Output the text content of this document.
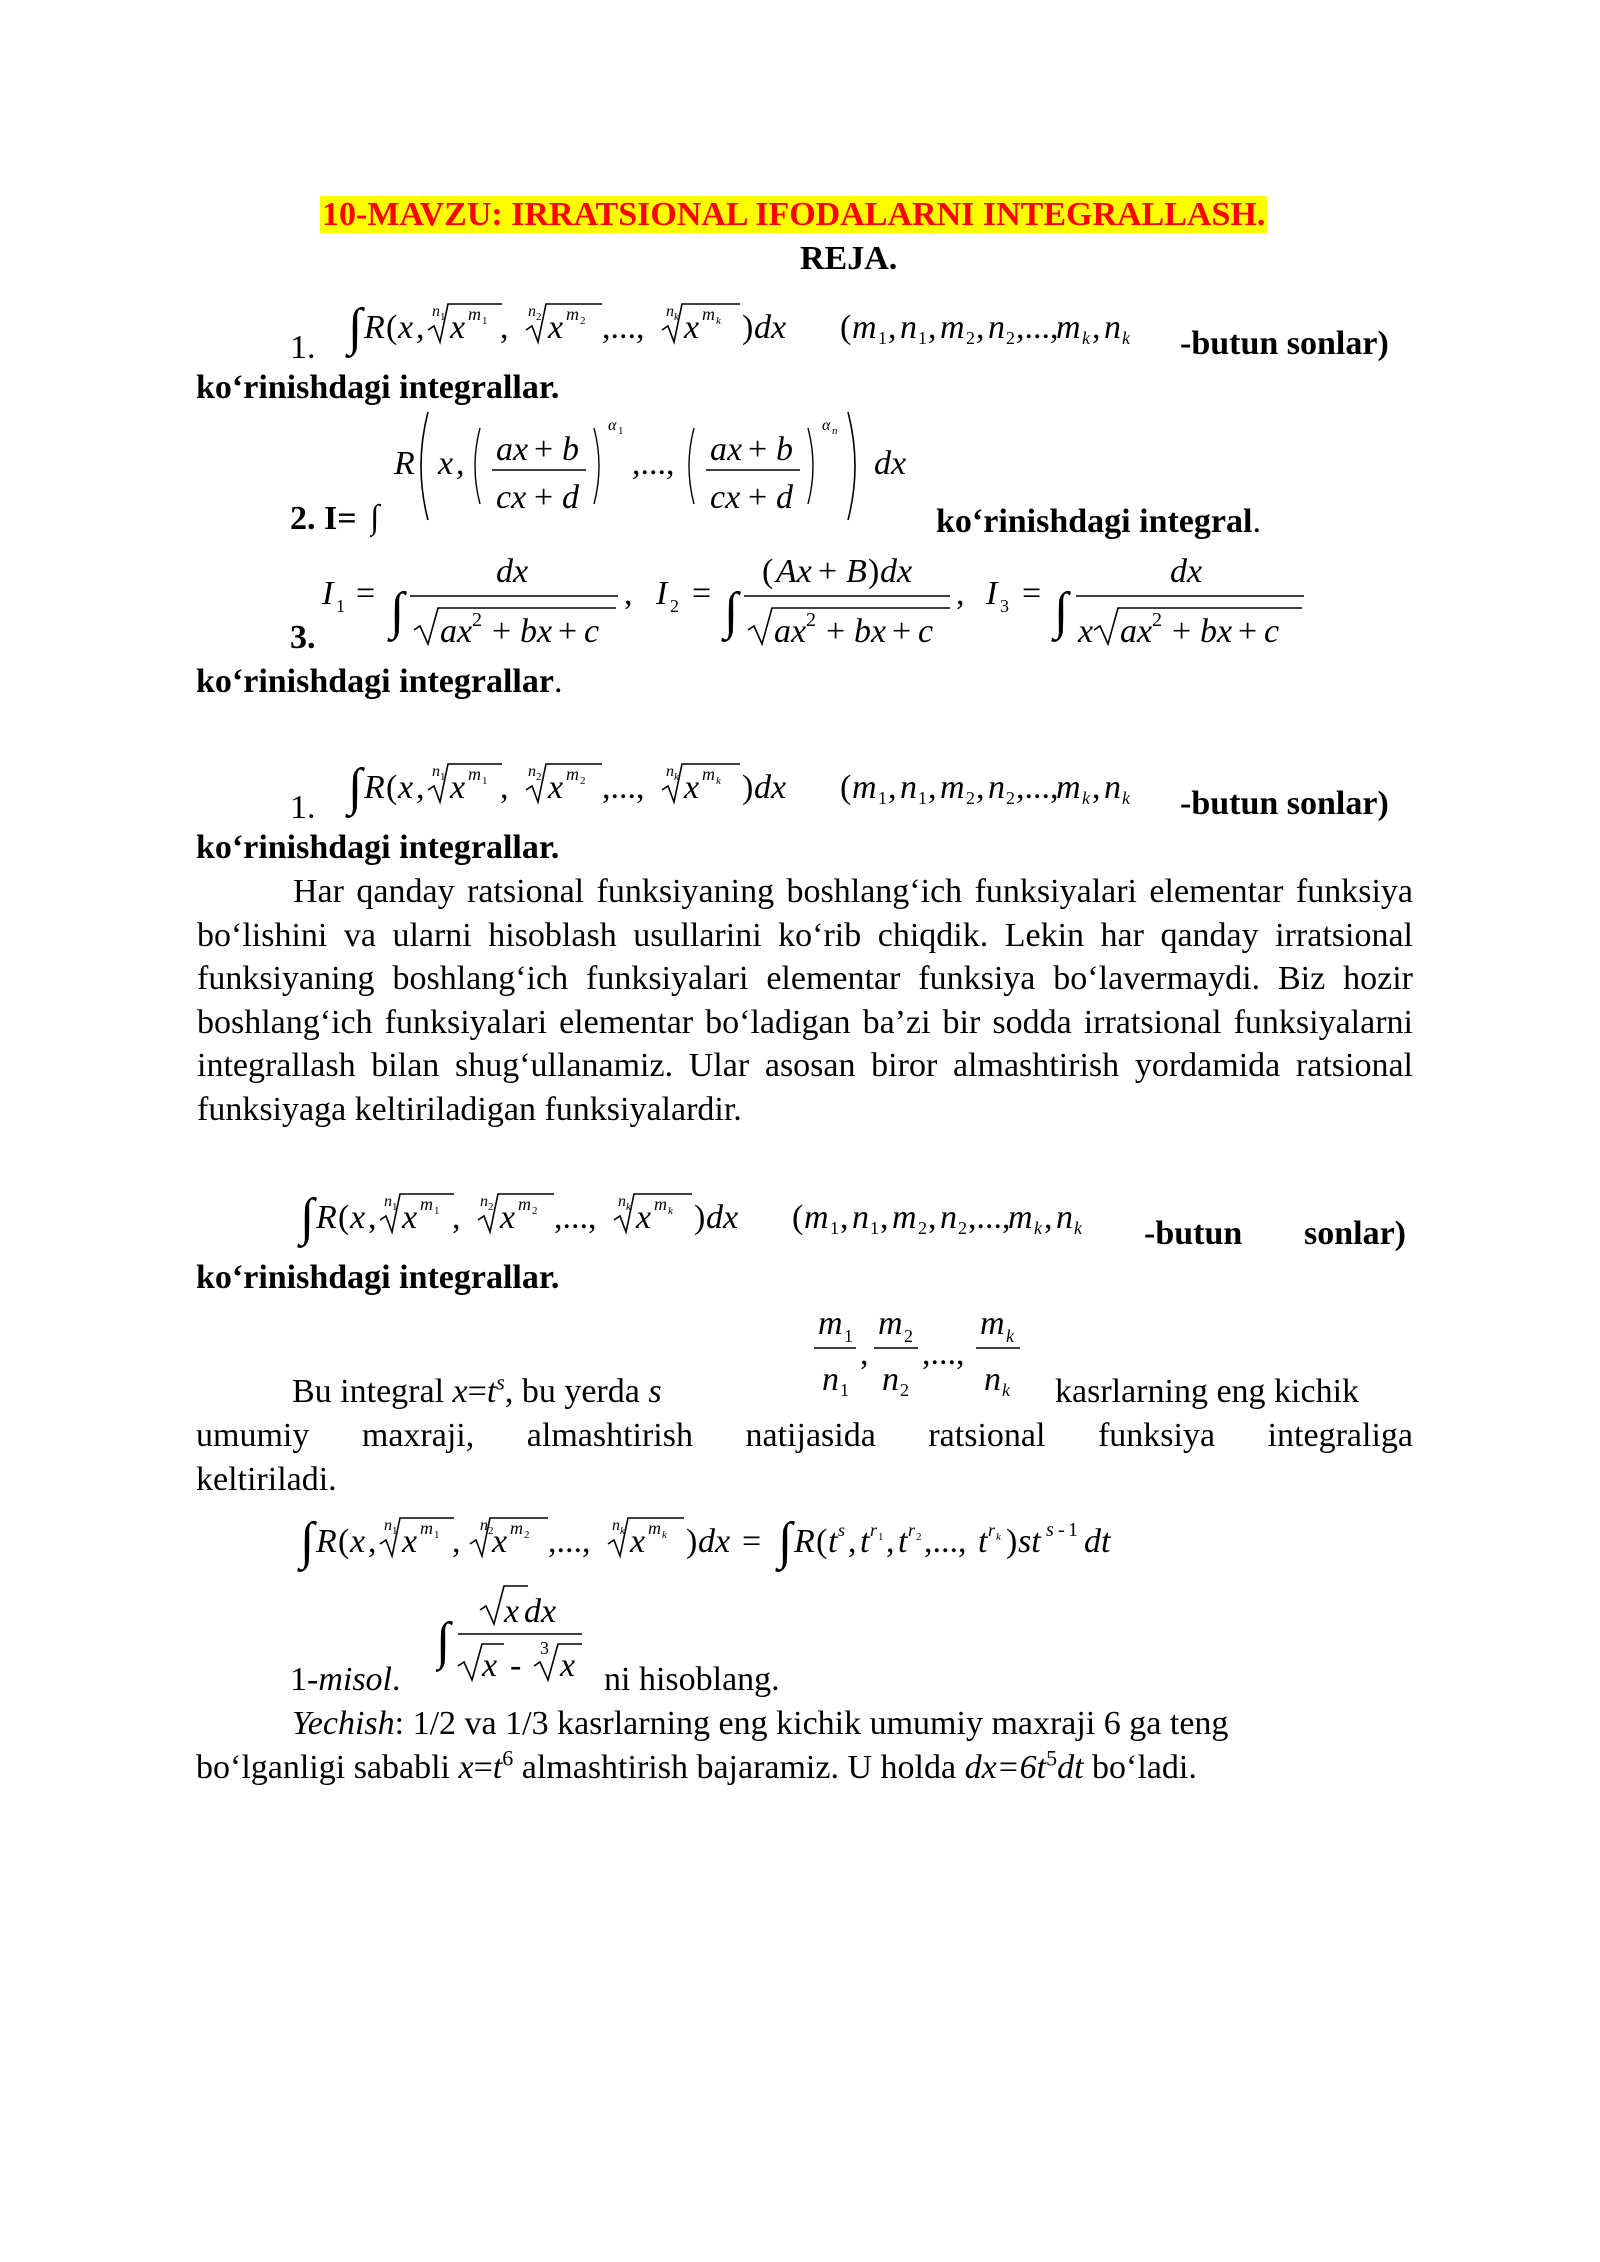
10-MAVZU: IRRATSIONAL IFODALARNI INTEGRALLASH.
REJA.
1. ∫ R ( x , n 1 x m 1 , n 2 x m 2 ,..., n k x m k ) dx ( m 1 , n 1 , m 2 , n 2 ,...,
m k , n k -butun sonlar)
ko‘rinishdagi integrallar.
2. I= ∫
R x , ax + b
cx + d
α 1
,..., ax + b
cx + d
α n
dx
ko‘rinishdagi integral.
3.
I 1 = ∫
dx
ax 2 + bx + c
, I 2 = ∫
( Ax + B ) dx
ax 2 + bx + c
, I 3 = ∫
dx
x ax 2 + bx + c
ko‘rinishdagi integrallar.
1. ∫ R ( x , n 1 x m 1 , n 2 x m 2 ,..., n k x m k ) dx ( m 1 , n 1 , m 2 , n 2 ,...,
m k , n k -butun sonlar)
ko‘rinishdagi integrallar.
Har qanday ratsional funksiyaning boshlang‘ich funksiyalari elementar funksiya bo‘lishini va ularni hisoblash usullarini ko‘rib chiqdik. Lekin har qanday irratsional funksiyaning boshlang‘ich funksiyalari elementar funksiya bo‘lavermaydi. Biz hozir boshlang‘ich funksiyalari elementar bo‘ladigan ba’zi bir sodda irratsional funksiyalarni integrallash bilan shug‘ullanamiz. Ular asosan biror almashtirish yordamida ratsional funksiyaga keltiriladigan funksiyalardir.
∫ R ( x , n 1 x m 1 , n 2 x m 2 ,..., n k x m k ) dx ( m 1 , n 1 , m 2 , n 2 ,...,
m k , n k -butun sonlar)
ko‘rinishdagi integrallar.
m 1
n 1
,
m 2
n 2
,...,
m k
n k
Bu integral $x=t^s$, bu yerda s	kasrlarning eng kichik
umumiy maxraji, almashtirish natijasida ratsional funksiya integraliga
keltiriladi.
∫ R ( x , n 1 x m 1 , n 2
x m 2 ,..., n k x m k ) dx = ∫ R ( t s , t r 1 , t r 2 ,..., t r k ) st s - 1 dt
1-misol.
∫
x dx
x - 3 x ni hisoblang.
Yechish: 1/2 va 1/3 kasrlarning eng kichik umumiy maxraji 6 ga teng
bo‘lganligi sababli $x=t^6$ almashtirish bajaramiz. U holda $dx=6t^5dt$ bo‘ladi.
